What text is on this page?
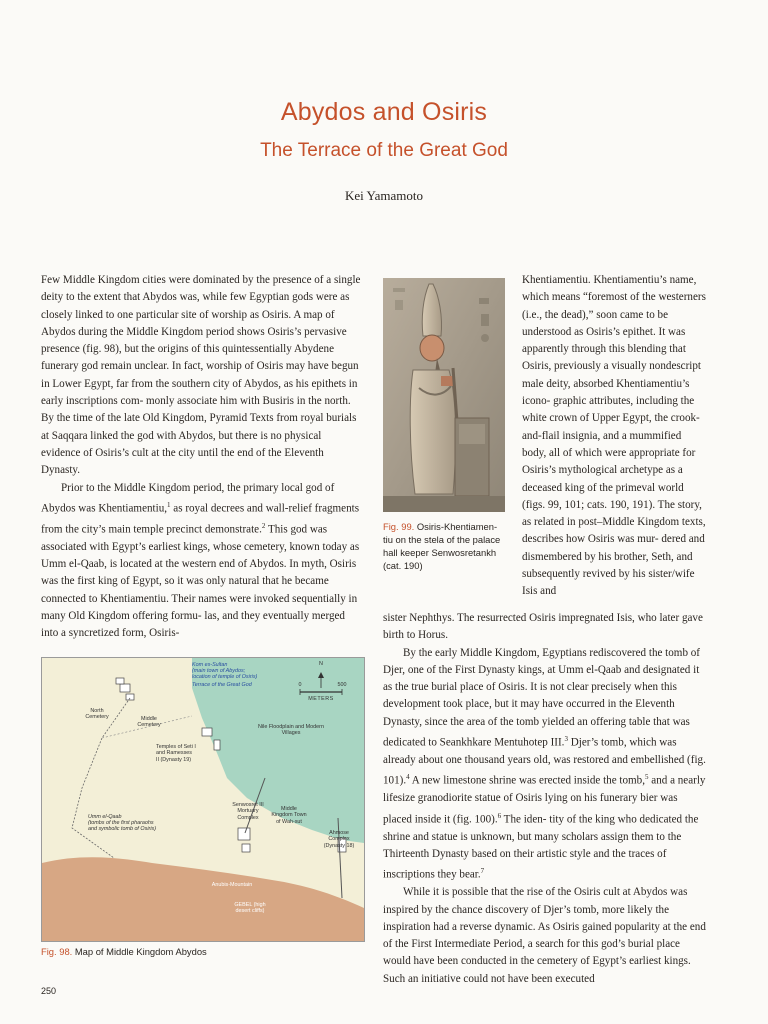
Abydos and Osiris
The Terrace of the Great God
Kei Yamamoto

Few Middle Kingdom cities were dominated by the presence of a single deity to the extent that Abydos was, while few Egyptian gods were as closely linked to one particular site of worship as Osiris. A map of Abydos during the Middle Kingdom period shows Osiris’s pervasive presence (fig. 98), but the origins of this quintessentially Abydene funerary god remain unclear. In fact, worship of Osiris may have begun in Lower Egypt, far from the southern city of Abydos, as his epithets in early inscriptions com- monly associate him with Busiris in the north. By the time of the late Old Kingdom, Pyramid Texts from royal burials at Saqqara linked the god with Abydos, but there is no physical evidence of Osiris’s cult at the city until the end of the Eleventh Dynasty.

Prior to the Middle Kingdom period, the primary local god of Abydos was Khentiamentiu,$^1$ as royal decrees and wall-relief fragments from the city’s main temple precinct demonstrate.$^2$ This god was associated with Egypt’s earliest kings, whose cemetery, known today as Umm el-Qaab, is located at the western end of Abydos. In myth, Osiris was the first king of Egypt, so it was only natural that he became connected to Khentiamentiu. Their names were invoked sequentially in many Old Kingdom offering formu- las, and they eventually merged into a syncretized form, Osiris-

Fig. 99. Osiris-Khentiamen- tiu on the stela of the palace hall keeper Senwosretankh (cat. 190)

Khentiamentiu. Khentiamentiu’s name, which means “foremost of the westerners (i.e., the dead),” soon came to be understood as Osiris’s epithet. It was apparently through this blending that Osiris, previously a visually nondescript male deity, absorbed Khentiamentiu’s icono- graphic attributes, including the white crown of Upper Egypt, the crook- and-flail insignia, and a mummified body, all of which were appropriate for Osiris’s mythological archetype as a deceased king of the primeval world (figs. 99, 101; cats. 190, 191). The story, as related in post–Middle Kingdom texts, describes how Osiris was mur- dered and dismembered by his brother, Seth, and subsequently revived by his sister/wife Isis and

sister Nephthys. The resurrected Osiris impregnated Isis, who later gave birth to Horus.

By the early Middle Kingdom, Egyptians rediscovered the tomb of Djer, one of the First Dynasty kings, at Umm el-Qaab and designated it as the true burial place of Osiris. It is not clear precisely when this development took place, but it may have occurred in the Eleventh Dynasty, since the area of the tomb yielded an offering table that was dedicated to Seankhkare Mentuhotep III.$^3$ Djer’s tomb, which was already about one thousand years old, was restored and embellished (fig. 101).$^4$ A new limestone shrine was erected inside the tomb,$^5$ and a nearly lifesize granodiorite statue of Osiris lying on his funerary bier was placed inside it (fig. 100).$^6$ The iden- tity of the king who dedicated the shrine and statue is unknown, but many scholars assign them to the Thirteenth Dynasty based on their artistic style and the traces of inscriptions they bear.$^7$

While it is possible that the rise of the Osiris cult at Abydos was inspired by the chance discovery of Djer’s tomb, more likely the inspiration had a reverse dynamic. As Osiris gained popularity at the end of the First Intermediate Period, a search for this god’s burial place would have been conducted in the cemetery of Egypt’s earliest kings. Such an initiative could not have been executed

Kom es-Sultan
(main town of Abydos; location of temple of Osiris)
Terrace of the Great God
North Cemetery	Middle Cemetery	Nile Floodplain and Modern Villages
Temples of Seti I and Ramesses II (Dynasty 19)
Umm el-Qaab
(tombs of the first pharaohs and symbolic tomb of Osiris)
Senwosret III Mortuary Complex
Middle Kingdom Town of Wah-sut
Ahmose Complex (Dynasty 18)
Anubis-Mountain
GEBEL (high desert cliffs)
N
0	500
METERS
Fig. 98. Map of Middle Kingdom Abydos
250
